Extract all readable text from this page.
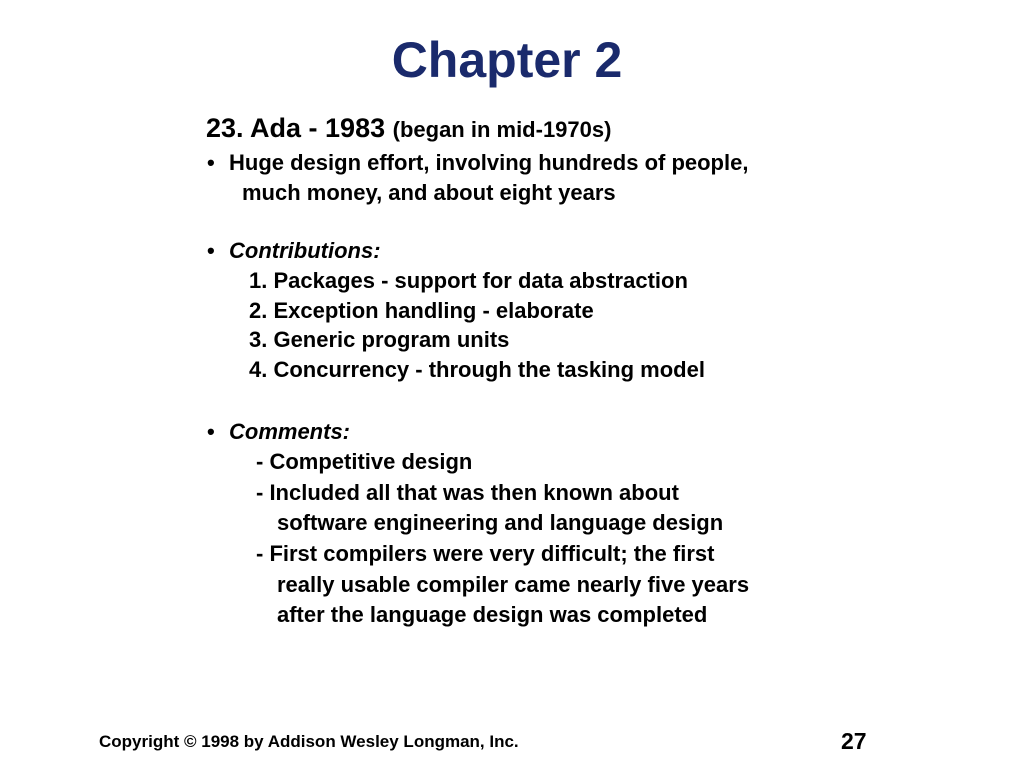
Chapter 2
23. Ada - 1983 (began in mid-1970s)
• Huge design effort, involving hundreds of people,
much money, and about eight years
• Contributions:
1. Packages - support for data abstraction
2. Exception handling - elaborate
3. Generic program units
4. Concurrency - through the tasking model
• Comments:
- Competitive design
- Included all that was then known about
software engineering and language design
- First compilers were very difficult; the first
really usable compiler came nearly five years
after the language design was completed
Copyright © 1998 by Addison Wesley Longman, Inc.	27
